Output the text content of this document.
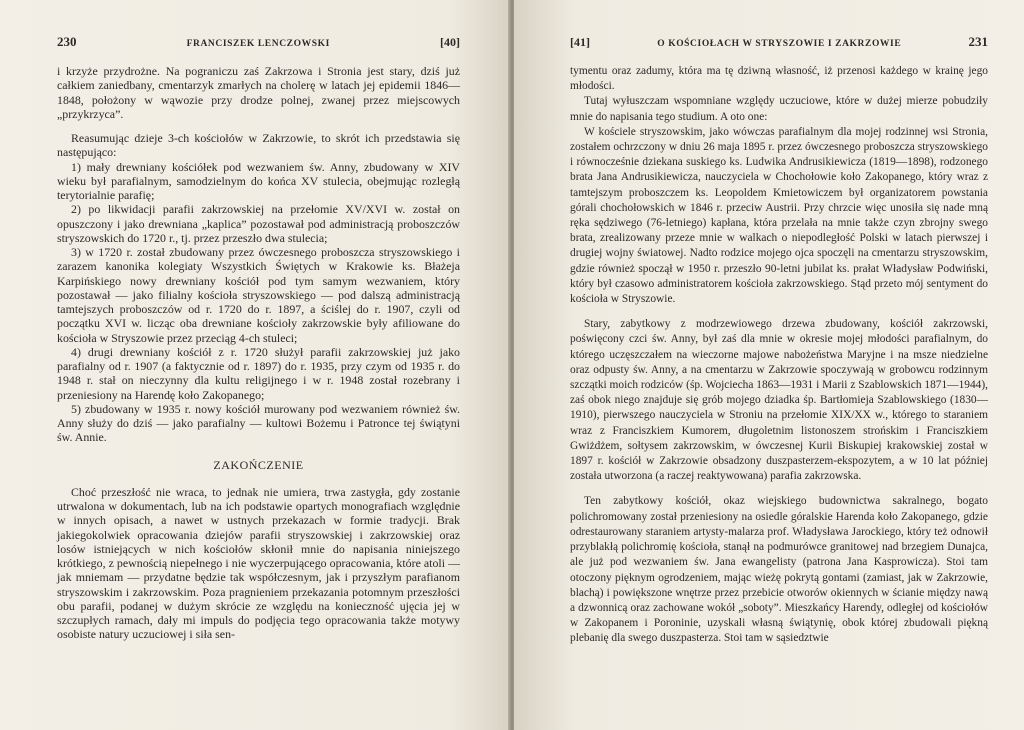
230	FRANCISZEK LENCZOWSKI	[40]

i krzyże przydrożne. Na pograniczu zaś Zakrzowa i Stronia jest stary, dziś już całkiem zaniedbany, cmentarzyk zmarłych na cholerę w latach jej epidemii 1846—1848, położony w wąwozie przy drodze polnej, zwanej przez miejscowych „przykrzyca”.

Reasumując dzieje 3-ch kościołów w Zakrzowie, to skrót ich przedstawia się następująco:

1) mały drewniany kościółek pod wezwaniem św. Anny, zbudowany w XIV wieku był parafialnym, samodzielnym do końca XV stulecia, obejmując rozległą terytorialnie parafię;

2) po likwidacji parafii zakrzowskiej na przełomie XV/XVI w. został on opuszczony i jako drewniana „kaplica” pozostawał pod administracją proboszczów stryszowskich do 1720 r., tj. przez przeszło dwa stulecia;

3) w 1720 r. został zbudowany przez ówczesnego proboszcza stryszowskiego i zarazem kanonika kolegiaty Wszystkich Świętych w Krakowie ks. Błażeja Karpińskiego nowy drewniany kościół pod tym samym wezwaniem, który pozostawał — jako filialny kościoła stryszowskiego — pod dalszą administracją tamtejszych proboszczów od r. 1720 do r. 1897, a ściślej do r. 1907, czyli od początku XVI w. licząc oba drewniane kościoły zakrzowskie były afiliowane do kościoła w Stryszowie przez przeciąg 4-ch stuleci;

4) drugi drewniany kościół z r. 1720 służył parafii zakrzowskiej już jako parafialny od r. 1907 (a faktycznie od r. 1897) do r. 1935, przy czym od 1935 r. do 1948 r. stał on nieczynny dla kultu religijnego i w r. 1948 został rozebrany i przeniesiony na Harendę koło Zakopanego;

5) zbudowany w 1935 r. nowy kościół murowany pod wezwaniem również św. Anny służy do dziś — jako parafialny — kultowi Bożemu i Patronce tej świątyni św. Annie.

ZAKOŃCZENIE

Choć przeszłość nie wraca, to jednak nie umiera, trwa zastygła, gdy zostanie utrwalona w dokumentach, lub na ich podstawie opartych monografiach względnie w innych opisach, a nawet w ustnych przekazach w formie tradycji. Brak jakiegokolwiek opracowania dziejów parafii stryszowskiej i zakrzowskiej oraz losów istniejących w nich kościołów skłonił mnie do napisania niniejszego krótkiego, z pewnością niepełnego i nie wyczerpującego opracowania, które atoli — jak mniemam — przydatne będzie tak współczesnym, jak i przyszłym parafianom stryszowskim i zakrzowskim. Poza pragnieniem przekazania potomnym przeszłości obu parafii, podanej w dużym skrócie ze względu na konieczność ujęcia jej w szczupłych ramach, dały mi impuls do podjęcia tego opracowania także motywy osobiste natury uczuciowej i siła sen-

[41]	O KOŚCIOŁACH W STRYSZOWIE I ZAKRZOWIE	231

tymentu oraz zadumy, która ma tę dziwną własność, iż przenosi każdego w krainę jego młodości.

Tutaj wyłuszczam wspomniane względy uczuciowe, które w dużej mierze pobudziły mnie do napisania tego studium. A oto one:

W kościele stryszowskim, jako wówczas parafialnym dla mojej rodzinnej wsi Stronia, zostałem ochrzczony w dniu 26 maja 1895 r. przez ówczesnego proboszcza stryszowskiego i równocześnie dziekana suskiego ks. Ludwika Andrusikiewicza (1819—1898), rodzonego brata Jana Andrusikiewicza, nauczyciela w Chochołowie koło Zakopanego, który wraz z tamtejszym proboszczem ks. Leopoldem Kmietowiczem był organizatorem powstania górali chochołowskich w 1846 r. przeciw Austrii. Przy chrzcie więc unosiła się nade mną ręka sędziwego (76-letniego) kapłana, która przelała na mnie także czyn zbrojny swego brata, zrealizowany przeze mnie w walkach o niepodległość Polski w latach pierwszej i drugiej wojny światowej. Nadto rodzice mojego ojca spoczęli na cmentarzu stryszowskim, gdzie również spoczął w 1950 r. przeszło 90-letni jubilat ks. prałat Władysław Podwiński, który był czasowo administratorem kościoła zakrzowskiego. Stąd przeto mój sentyment do kościoła w Stryszowie.

Stary, zabytkowy z modrzewiowego drzewa zbudowany, kościół zakrzowski, poświęcony czci św. Anny, był zaś dla mnie w okresie mojej młodości parafialnym, do którego uczęszczałem na wieczorne majowe nabożeństwa Maryjne i na msze niedzielne oraz odpusty św. Anny, a na cmentarzu w Zakrzowie spoczywają w grobowcu rodzinnym szczątki moich rodziców (śp. Wojciecha 1863—1931 i Marii z Szablowskich 1871—1944), zaś obok niego znajduje się grób mojego dziadka śp. Bartłomieja Szablowskiego (1830—1910), pierwszego nauczyciela w Stroniu na przełomie XIX/XX w., którego to staraniem wraz z Franciszkiem Kumorem, długoletnim listonoszem strońskim i Franciszkiem Gwiżdżem, sołtysem zakrzowskim, w ówczesnej Kurii Biskupiej krakowskiej został w 1897 r. kościół w Zakrzowie obsadzony duszpasterzem-ekspozytem, a w 10 lat później została utworzona (a raczej reaktywowana) parafia zakrzowska.

Ten zabytkowy kościół, okaz wiejskiego budownictwa sakralnego, bogato polichromowany został przeniesiony na osiedle góralskie Harenda koło Zakopanego, gdzie odrestaurowany staraniem artysty-malarza prof. Władysława Jarockiego, który też odnowił przyblakłą polichromię kościoła, stanął na podmurówce granitowej nad brzegiem Dunajca, ale już pod wezwaniem św. Jana ewangelisty (patrona Jana Kasprowicza). Stoi tam otoczony pięknym ogrodzeniem, mając wieżę pokrytą gontami (zamiast, jak w Zakrzowie, blachą) i powiększone wnętrze przez przebicie otworów okiennych w ścianie między nawą a dzwonnicą oraz zachowane wokół „soboty”. Mieszkańcy Harendy, odległej od kościołów w Zakopanem i Poroninie, uzyskali własną świątynię, obok której zbudowali piękną plebanię dla swego duszpasterza. Stoi tam w sąsiedztwie
